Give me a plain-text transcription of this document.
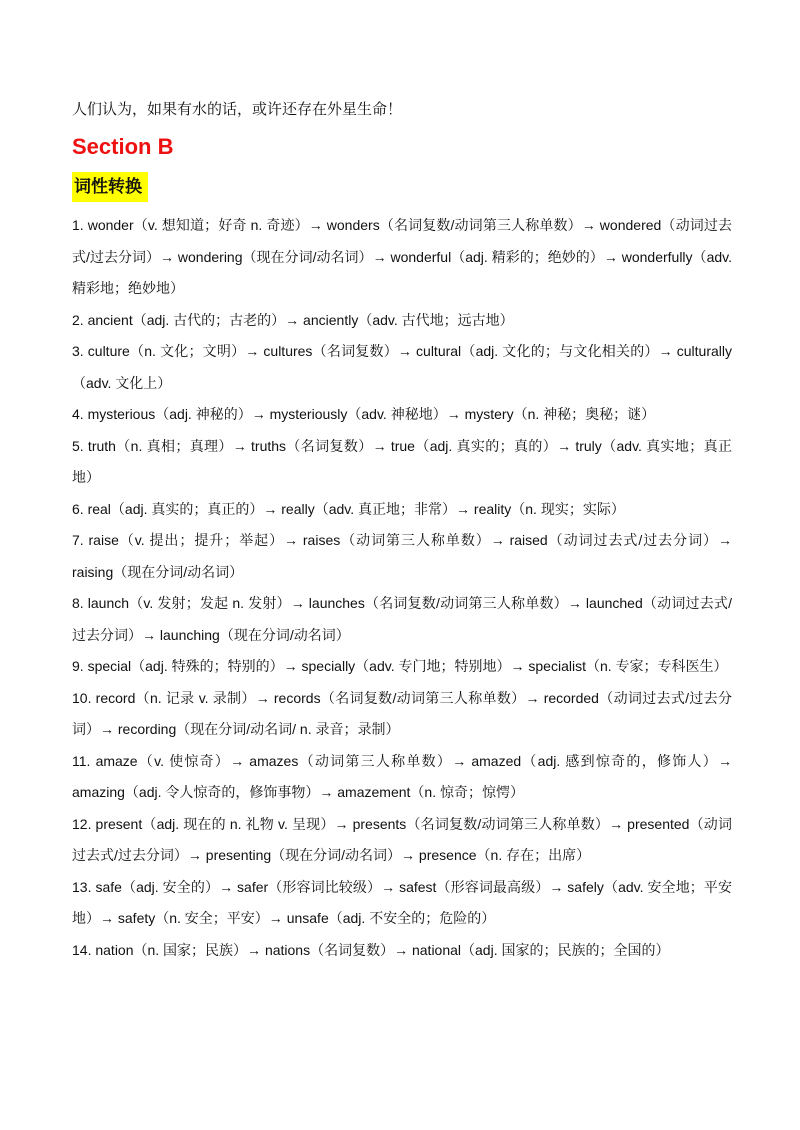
人们认为，如果有水的话，或许还存在外星生命！

Section B
词性转换
1. wonder（v. 想知道；好奇 n. 奇迹）→ wonders（名词复数/动词第三人称单数）→ wondered（动词过去式/过去分词）→ wondering（现在分词/动名词）→ wonderful（adj. 精彩的；绝妙的）→ wonderfully（adv. 精彩地；绝妙地）
2. ancient（adj. 古代的；古老的）→ anciently（adv. 古代地；远古地）
3. culture（n. 文化；文明）→ cultures（名词复数）→ cultural（adj. 文化的；与文化相关的）→ culturally（adv. 文化上）
4. mysterious（adj. 神秘的）→ mysteriously（adv. 神秘地）→ mystery（n. 神秘；奥秘；谜）
5. truth（n. 真相；真理）→ truths（名词复数）→ true（adj. 真实的；真的）→ truly（adv. 真实地；真正地）
6. real（adj. 真实的；真正的）→ really（adv. 真正地；非常）→ reality（n. 现实；实际）
7. raise（v. 提出；提升；举起）→ raises（动词第三人称单数）→ raised（动词过去式/过去分词）→ raising（现在分词/动名词）
8. launch（v. 发射；发起 n. 发射）→ launches（名词复数/动词第三人称单数）→ launched（动词过去式/过去分词）→ launching（现在分词/动名词）
9. special（adj. 特殊的；特别的）→ specially（adv. 专门地；特别地）→ specialist（n. 专家；专科医生）
10. record（n. 记录 v. 录制）→ records（名词复数/动词第三人称单数）→ recorded（动词过去式/过去分词）→ recording（现在分词/动名词/ n. 录音；录制）
11. amaze（v. 使惊奇）→ amazes（动词第三人称单数）→ amazed（adj. 感到惊奇的，修饰人）→ amazing（adj. 令人惊奇的，修饰事物）→ amazement（n. 惊奇；惊愕）
12. present（adj. 现在的 n. 礼物 v. 呈现）→ presents（名词复数/动词第三人称单数）→ presented（动词过去式/过去分词）→ presenting（现在分词/动名词）→ presence（n. 存在；出席）
13. safe（adj. 安全的）→ safer（形容词比较级）→ safest（形容词最高级）→ safely（adv. 安全地；平安地）→ safety（n. 安全；平安）→ unsafe（adj. 不安全的；危险的）
14. nation（n. 国家；民族）→ nations（名词复数）→ national（adj. 国家的；民族的；全国的）
